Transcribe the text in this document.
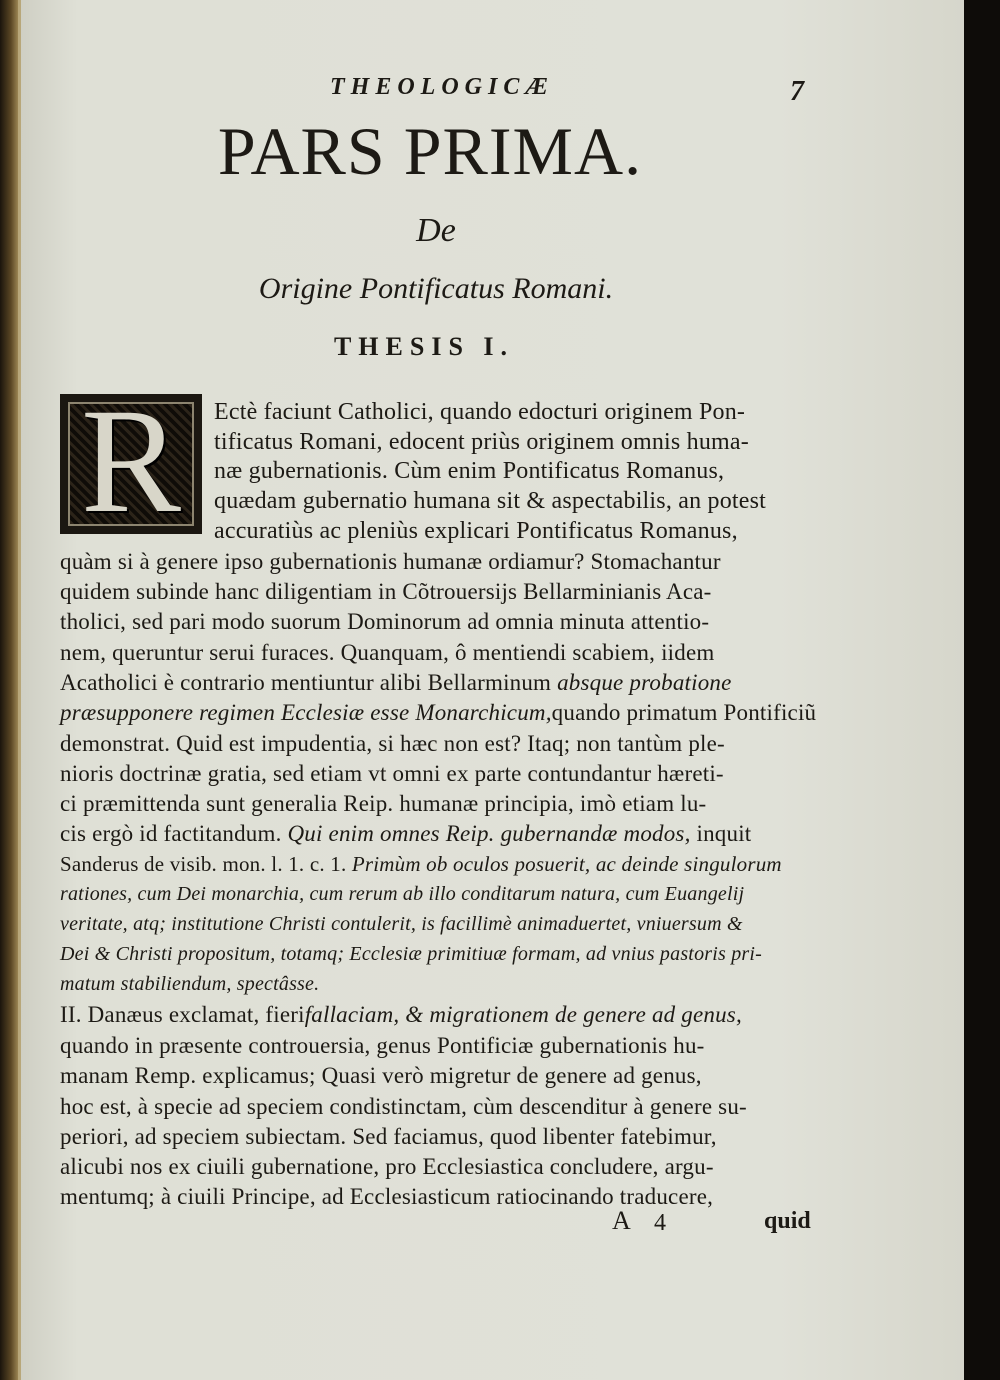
THEOLOGICÆ	7
PARS PRIMA.
De
Origine Pontificatus Romani.
THESIS I.
R	Ectè faciunt Catholici, quando edocturi originem Pon-
tificatus Romani, edocent priùs originem omnis huma-
næ gubernationis. Cùm enim Pontificatus Romanus,
quædam gubernatio humana sit & aspectabilis, an potest
accuratiùs ac pleniùs explicari Pontificatus Romanus,
quàm si à genere ipso gubernationis humanæ ordiamur? Stomachantur
quidem subinde hanc diligentiam in Cõtrouersijs Bellarminianis Aca-
tholici, sed pari modo suorum Dominorum ad omnia minuta attentio-
nem, queruntur serui furaces. Quanquam, ô mentiendi scabiem, iidem
Acatholici è contrario mentiuntur alibi Bellarminum absque probatione
præsupponere regimen Ecclesiæ esse Monarchicum,quando primatum Pontificiũ
demonstrat. Quid est impudentia, si hæc non est? Itaq; non tantùm ple-
nioris doctrinæ gratia, sed etiam vt omni ex parte contundantur hæreti-
ci præmittenda sunt generalia Reip. humanæ principia, imò etiam lu-
cis ergò id factitandum. Qui enim omnes Reip. gubernandæ modos, inquit
Sanderus de visib. mon. l. 1. c. 1. Primùm ob oculos posuerit, ac deinde singulorum
rationes, cum Dei monarchia, cum rerum ab illo conditarum natura, cum Euangelij
veritate, atq; institutione Christi contulerit, is facillimè animaduertet, vniuersum &
Dei & Christi propositum, totamq; Ecclesiæ primitiuæ formam, ad vnius pastoris pri-
matum stabiliendum, spectâsse.
II. Danæus exclamat, fierifallaciam, & migrationem de genere ad genus,
quando in præsente controuersia, genus Pontificiæ gubernationis hu-
manam Remp. explicamus; Quasi verò migretur de genere ad genus,
hoc est, à specie ad speciem condistinctam, cùm descenditur à genere su-
periori, ad speciem subiectam. Sed faciamus, quod libenter fatebimur,
alicubi nos ex ciuili gubernatione, pro Ecclesiastica concludere, argu-
mentumq; à ciuili Principe, ad Ecclesiasticum ratiocinando traducere,
A 4	quid
